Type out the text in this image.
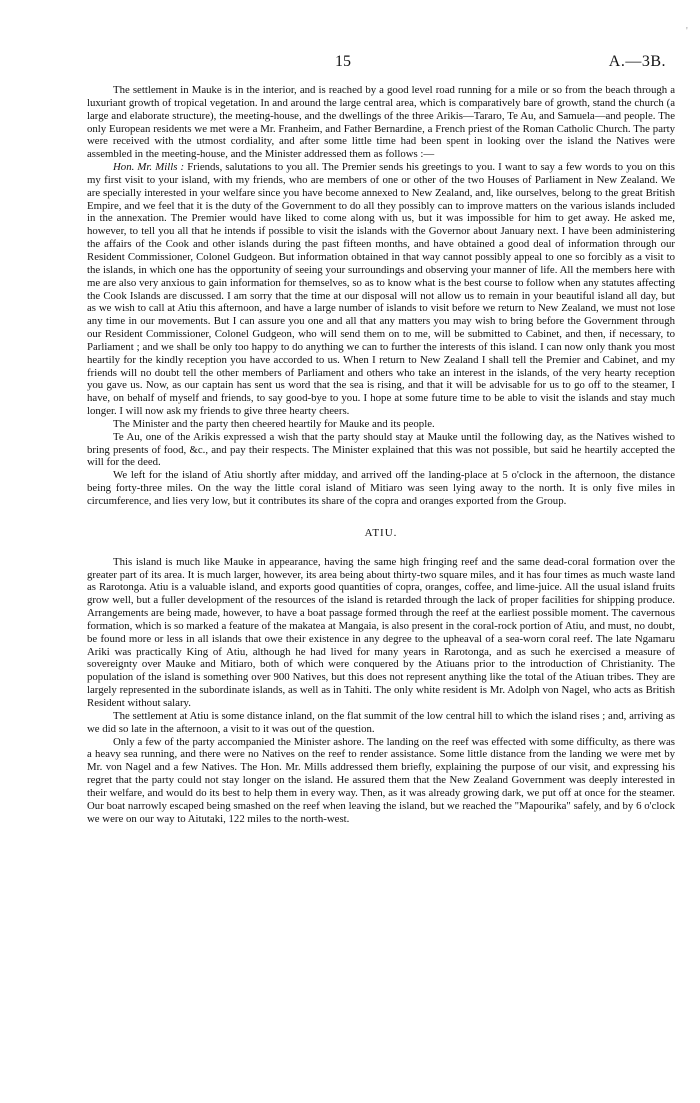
'
15	A.—3B.

The settlement in Mauke is in the interior, and is reached by a good level road running for a mile or so from the beach through a luxuriant growth of tropical vegetation. In and around the large central area, which is comparatively bare of growth, stand the church (a large and elaborate structure), the meeting-house, and the dwellings of the three Arikis—Tararo, Te Au, and Samuela—and people. The only European residents we met were a Mr. Franheim, and Father Bernardine, a French priest of the Roman Catholic Church. The party were received with the utmost cordiality, and after some little time had been spent in looking over the island the Natives were assembled in the meeting-house, and the Minister addressed them as follows :—

Hon. Mr. Mills : Friends, salutations to you all. The Premier sends his greetings to you. I want to say a few words to you on this my first visit to your island, with my friends, who are members of one or other of the two Houses of Parliament in New Zealand. We are specially interested in your welfare since you have become annexed to New Zealand, and, like ourselves, belong to the great British Empire, and we feel that it is the duty of the Government to do all they possibly can to improve matters on the various islands included in the annexation. The Premier would have liked to come along with us, but it was impossible for him to get away. He asked me, however, to tell you all that he intends if possible to visit the islands with the Governor about January next. I have been administering the affairs of the Cook and other islands during the past fifteen months, and have obtained a good deal of information through our Resident Commissioner, Colonel Gudgeon. But information obtained in that way cannot possibly appeal to one so forcibly as a visit to the islands, in which one has the opportunity of seeing your surroundings and observing your manner of life. All the members here with me are also very anxious to gain information for themselves, so as to know what is the best course to follow when any statutes affecting the Cook Islands are discussed. I am sorry that the time at our disposal will not allow us to remain in your beautiful island all day, but as we wish to call at Atiu this afternoon, and have a large number of islands to visit before we return to New Zealand, we must not lose any time in our movements. But I can assure you one and all that any matters you may wish to bring before the Government through our Resident Commissioner, Colonel Gudgeon, who will send them on to me, will be submitted to Cabinet, and then, if necessary, to Parliament ; and we shall be only too happy to do anything we can to further the interests of this island. I can now only thank you most heartily for the kindly reception you have accorded to us. When I return to New Zealand I shall tell the Premier and Cabinet, and my friends will no doubt tell the other members of Parliament and others who take an interest in the islands, of the very hearty reception you gave us. Now, as our captain has sent us word that the sea is rising, and that it will be advisable for us to go off to the steamer, I have, on behalf of myself and friends, to say good-bye to you. I hope at some future time to be able to visit the islands and stay much longer. I will now ask my friends to give three hearty cheers.

The Minister and the party then cheered heartily for Mauke and its people.

Te Au, one of the Arikis expressed a wish that the party should stay at Mauke until the following day, as the Natives wished to bring presents of food, &c., and pay their respects. The Minister explained that this was not possible, but said he heartily accepted the will for the deed.

We left for the island of Atiu shortly after midday, and arrived off the landing-place at 5 o'clock in the afternoon, the distance being forty-three miles. On the way the little coral island of Mitiaro was seen lying away to the north. It is only five miles in circumference, and lies very low, but it contributes its share of the copra and oranges exported from the Group.

ATIU.

This island is much like Mauke in appearance, having the same high fringing reef and the same dead-coral formation over the greater part of its area. It is much larger, however, its area being about thirty-two square miles, and it has four times as much waste land as Rarotonga. Atiu is a valuable island, and exports good quantities of copra, oranges, coffee, and lime-juice. All the usual island fruits grow well, but a fuller development of the resources of the island is retarded through the lack of proper facilities for shipping produce. Arrangements are being made, however, to have a boat passage formed through the reef at the earliest possible moment. The cavernous formation, which is so marked a feature of the makatea at Mangaia, is also present in the coral-rock portion of Atiu, and must, no doubt, be found more or less in all islands that owe their existence in any degree to the upheaval of a sea-worn coral reef. The late Ngamaru Ariki was practically King of Atiu, although he had lived for many years in Rarotonga, and as such he exercised a measure of sovereignty over Mauke and Mitiaro, both of which were conquered by the Atiuans prior to the introduction of Christianity. The population of the island is something over 900 Natives, but this does not represent anything like the total of the Atiuan tribes. They are largely represented in the subordinate islands, as well as in Tahiti. The only white resident is Mr. Adolph von Nagel, who acts as British Resident without salary.

The settlement at Atiu is some distance inland, on the flat summit of the low central hill to which the island rises ; and, arriving as we did so late in the afternoon, a visit to it was out of the question.

Only a few of the party accompanied the Minister ashore. The landing on the reef was effected with some difficulty, as there was a heavy sea running, and there were no Natives on the reef to render assistance. Some little distance from the landing we were met by Mr. von Nagel and a few Natives. The Hon. Mr. Mills addressed them briefly, explaining the purpose of our visit, and expressing his regret that the party could not stay longer on the island. He assured them that the New Zealand Government was deeply interested in their welfare, and would do its best to help them in every way. Then, as it was already growing dark, we put off at once for the steamer. Our boat narrowly escaped being smashed on the reef when leaving the island, but we reached the "Mapourika" safely, and by 6 o'clock we were on our way to Aitutaki, 122 miles to the north-west.
